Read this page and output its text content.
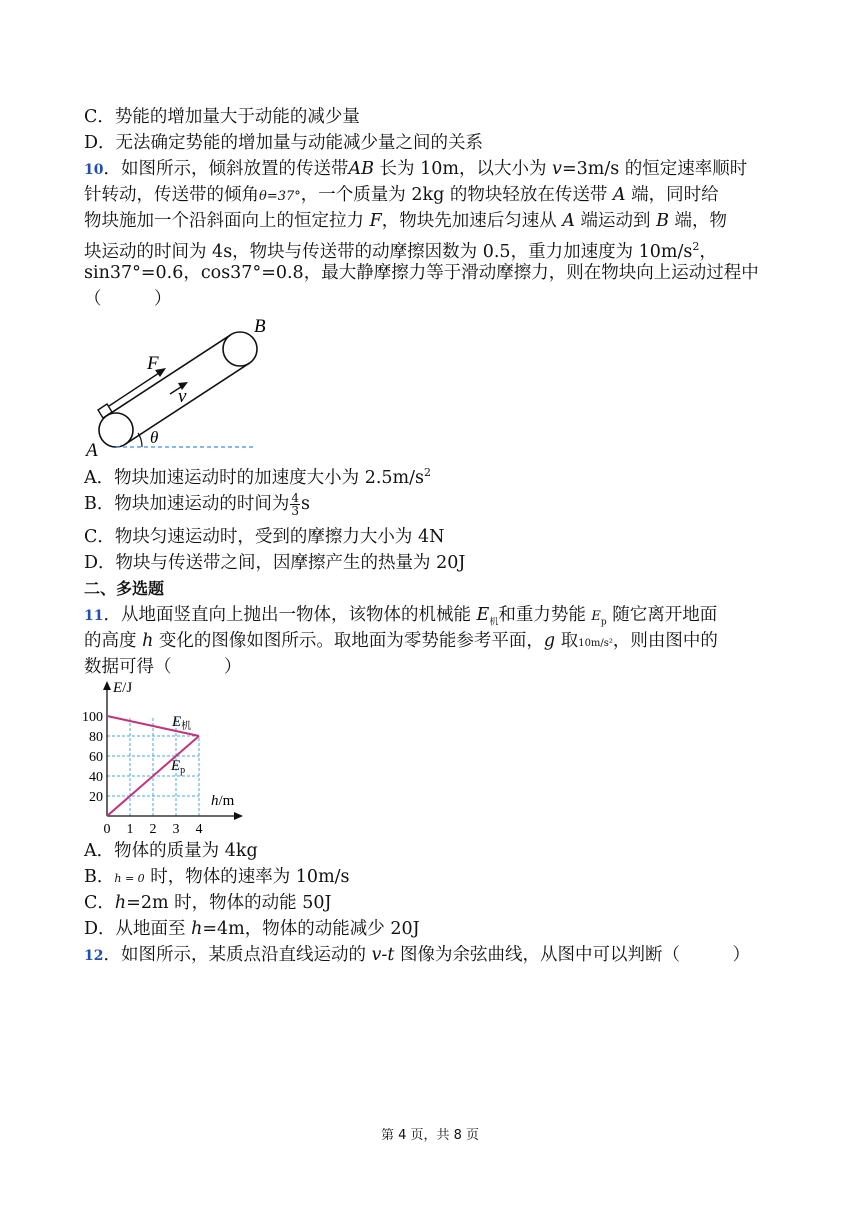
C．势能的增加量大于动能的减少量
D．无法确定势能的增加量与动能减少量之间的关系
10．如图所示，倾斜放置的传送带AB 长为 10m，以大小为 v=3m/s 的恒定速率顺时
针转动，传送带的倾角θ=37°，一个质量为 2kg 的物块轻放在传送带 A 端，同时给
物块施加一个沿斜面向上的恒定拉力 F，物块先加速后匀速从 A 端运动到 B 端，物
块运动的时间为 4s，物块与传送带的动摩擦因数为 0.5，重力加速度为 $10m/s^2$，
sin37°=0.6，cos37°=0.8，最大静摩擦力等于滑动摩擦力，则在物块向上运动过程中
（　　　）
B
F
v
A
θ
A．物块加速运动时的加速度大小为 $2.5m/s^2$
B．物块加速运动的时间为 $\frac{4}{3}$ s
C．物块匀速运动时，受到的摩擦力大小为 4N
D．物块与传送带之间，因摩擦产生的热量为 20J
二、多选题
11．从地面竖直向上抛出一物体，该物体的机械能 $E_机$和重力势能 $E_p$ 随它离开地面
的高度 h 变化的图像如图所示。取地面为零势能参考平面，g 取10m/s²，则由图中的
数据可得（　　　）
100
80
60
40
20
0 1 2 3 4
E/J
h/m
$E_机$
$E_p$
A．物体的质量为 4kg
B．h = 0 时，物体的速率为 10m/s
C．h=2m 时，物体的动能 50J
D．从地面至 h=4m，物体的动能减少 20J
12．如图所示，某质点沿直线运动的 v-t 图像为余弦曲线，从图中可以判断（　　　）
第 4 页，共 8 页
